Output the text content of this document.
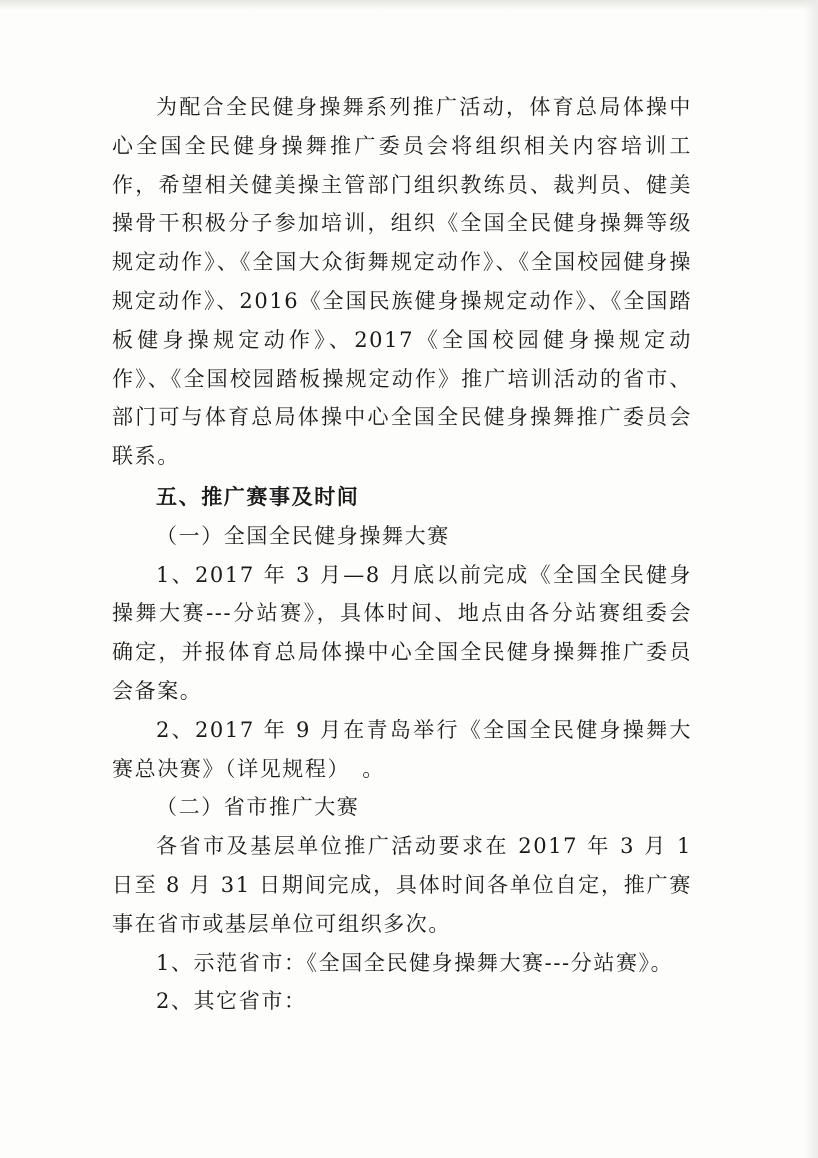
为配合全民健身操舞系列推广活动，体育总局体操中心全国全民健身操舞推广委员会将组织相关内容培训工作，希望相关健美操主管部门组织教练员、裁判员、健美操骨干积极分子参加培训，组织《全国全民健身操舞等级规定动作》、《全国大众街舞规定动作》、《全国校园健身操规定动作》、2016《全国民族健身操规定动作》、《全国踏板健身操规定动作》、2017《全国校园健身操规定动作》、《全国校园踏板操规定动作》推广培训活动的省市、部门可与体育总局体操中心全国全民健身操舞推广委员会联系。

五、推广赛事及时间

（一）全国全民健身操舞大赛

1、2017 年 3 月—8 月底以前完成《全国全民健身操舞大赛---分站赛》，具体时间、地点由各分站赛组委会确定，并报体育总局体操中心全国全民健身操舞推广委员会备案。

2、2017 年 9 月在青岛举行《全国全民健身操舞大赛总决赛》（详见规程）　。

（二）省市推广大赛

各省市及基层单位推广活动要求在 2017 年 3 月 1 日至 8 月 31 日期间完成，具体时间各单位自定，推广赛事在省市或基层单位可组织多次。

1、示范省市：《全国全民健身操舞大赛---分站赛》。

2、其它省市：
